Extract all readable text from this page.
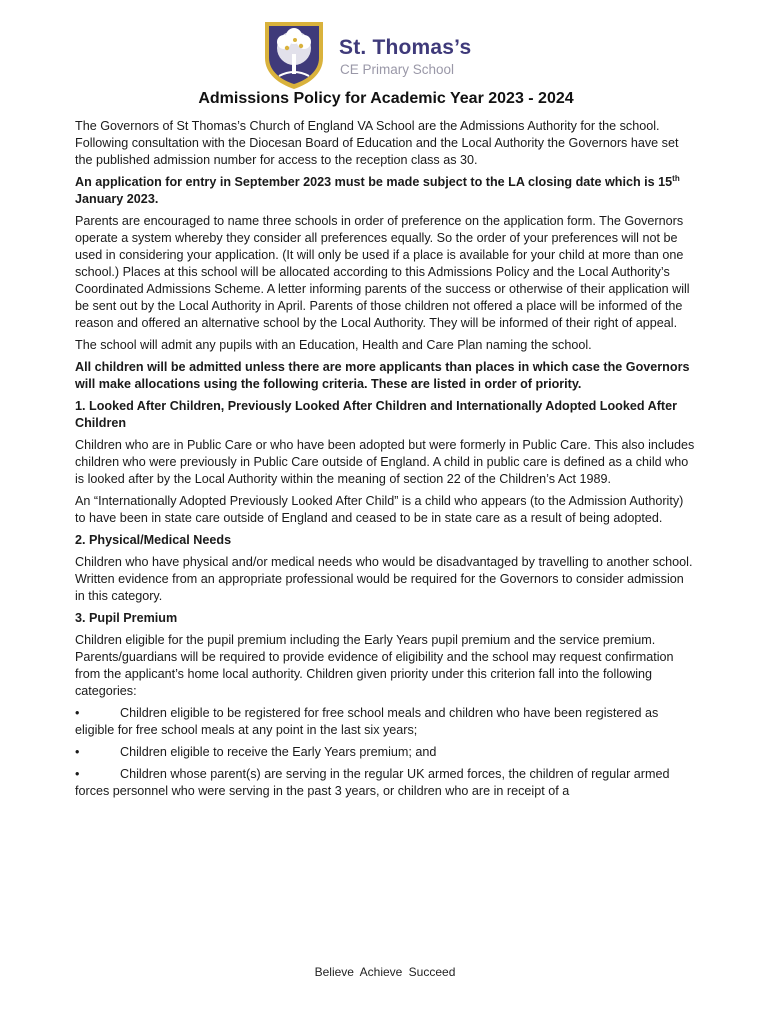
St. Thomas’s
CE Primary School
Admissions Policy for Academic Year 2023 - 2024

The Governors of St Thomas’s Church of England VA School are the Admissions Authority for the school. Following consultation with the Diocesan Board of Education and the Local Authority the Governors have set the published admission number for access to the reception class as 30.

An application for entry in September 2023 must be made subject to the LA closing date which is 15th January 2023.

Parents are encouraged to name three schools in order of preference on the application form. The Governors operate a system whereby they consider all preferences equally. So the order of your preferences will not be used in considering your application. (It will only be used if a place is available for your child at more than one school.) Places at this school will be allocated according to this Admissions Policy and the Local Authority’s Coordinated Admissions Scheme. A letter informing parents of the success or otherwise of their application will be sent out by the Local Authority in April. Parents of those children not offered a place will be informed of the reason and offered an alternative school by the Local Authority. They will be informed of their right of appeal.

The school will admit any pupils with an Education, Health and Care Plan naming the school.

All children will be admitted unless there are more applicants than places in which case the Governors will make allocations using the following criteria. These are listed in order of priority.

1. Looked After Children, Previously Looked After Children and Internationally Adopted Looked After Children

Children who are in Public Care or who have been adopted but were formerly in Public Care. This also includes children who were previously in Public Care outside of England. A child in public care is defined as a child who is looked after by the Local Authority within the meaning of section 22 of the Children’s Act 1989.

An “Internationally Adopted Previously Looked After Child” is a child who appears (to the Admission Authority) to have been in state care outside of England and ceased to be in state care as a result of being adopted.

2. Physical/Medical Needs

Children who have physical and/or medical needs who would be disadvantaged by travelling to another school. Written evidence from an appropriate professional would be required for the Governors to consider admission in this category.

3. Pupil Premium

Children eligible for the pupil premium including the Early Years pupil premium and the service premium. Parents/guardians will be required to provide evidence of eligibility and the school may request confirmation from the applicant’s home local authority. Children given priority under this criterion fall into the following categories:

•	Children eligible to be registered for free school meals and children who have been registered as eligible for free school meals at any point in the last six years;

•	Children eligible to receive the Early Years premium; and

•	Children whose parent(s) are serving in the regular UK armed forces, the children of regular armed forces personnel who were serving in the past 3 years, or children who are in receipt of a

Believe Achieve Succeed
